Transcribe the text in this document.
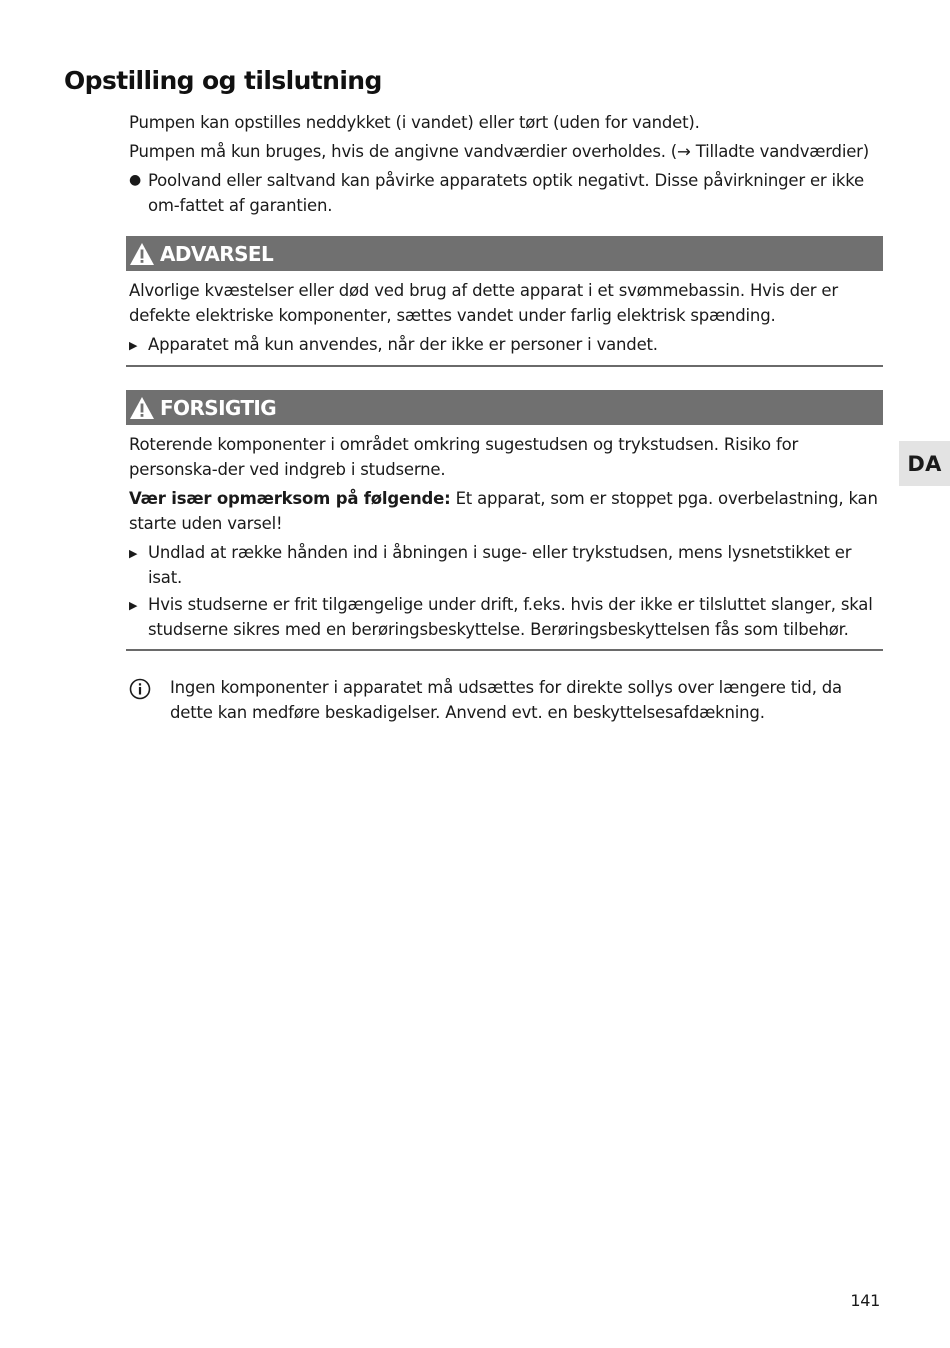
Opstilling og tilslutning

Pumpen kan opstilles neddykket (i vandet) eller tørt (uden for vandet).

Pumpen må kun bruges, hvis de angivne vandværdier overholdes. (→ Tilladte vandværdier)

● Poolvand eller saltvand kan påvirke apparatets optik negativt. Disse påvirkninger er ikke om-fattet af garantien.
ADVARSEL

Alvorlige kvæstelser eller død ved brug af dette apparat i et svømmebassin. Hvis der er defekte elektriske komponenter, sættes vandet under farlig elektrisk spænding.

▶ Apparatet må kun anvendes, når der ikke er personer i vandet.
FORSIGTIG

Roterende komponenter i området omkring sugestudsen og trykstudsen. Risiko for personska-der ved indgreb i studserne.

Vær især opmærksom på følgende: Et apparat, som er stoppet pga. overbelastning, kan starte uden varsel!

▶ Undlad at række hånden ind i åbningen i suge- eller trykstudsen, mens lysnetstikket er isat.
▶ Hvis studserne er frit tilgængelige under drift, f.eks. hvis der ikke er tilsluttet slanger, skal studserne sikres med en berøringsbeskyttelse. Berøringsbeskyttelsen fås som tilbehør.
Ingen komponenter i apparatet må udsættes for direkte sollys over længere tid, da dette kan medføre beskadigelser. Anvend evt. en beskyttelsesafdækning.
DA
141
